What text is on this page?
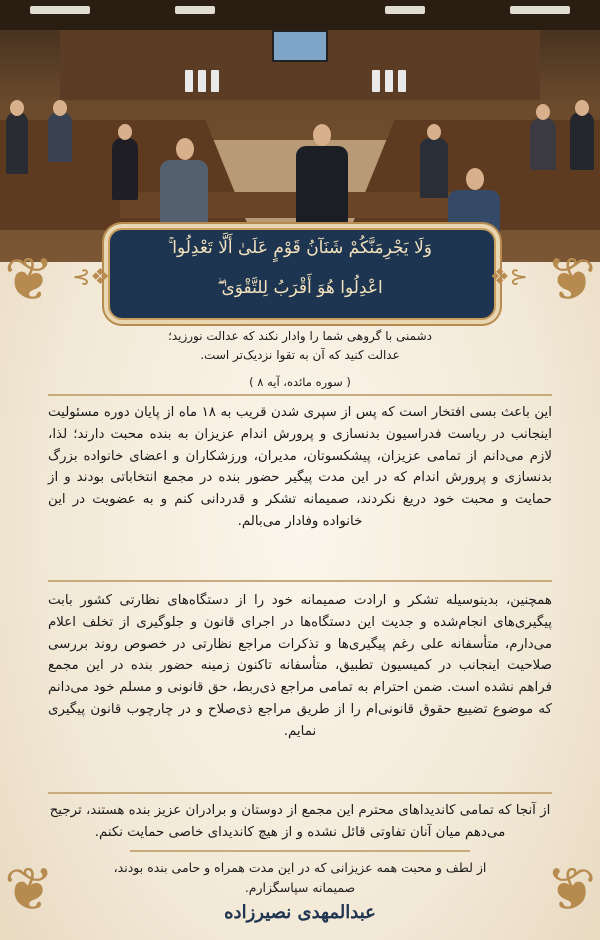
❦	❦
❦	❦
⊰❖	❖⊱
وَلَا يَجْرِمَنَّكُمْ شَنَآنُ قَوْمٍ عَلَىٰ أَلَّا تَعْدِلُوا ۚ
اعْدِلُوا هُوَ أَقْرَبُ لِلتَّقْوَىٰ ۖ
دشمنی با گروهی شما را وادار نکند که عدالت نورزید؛
عدالت کنید که آن به تقوا نزدیک‌تر است.
( سوره مائده، آیه ۸ )
این باعث بسی افتخار است که پس از سپری شدن قریب به ۱۸ ماه از پایان دوره مسئولیت اینجانب در ریاست فدراسیون بدنسازی و پرورش اندام عزیزان به بنده محبت دارند؛ لذا، لازم می‌دانم از تمامی عزیزان، پیشکسوتان، مدیران، ورزشکاران و اعضای خانواده بزرگ بدنسازی و پرورش اندام که در این مدت پیگیر حضور بنده در مجمع انتخاباتی بودند و از حمایت و محبت خود دریغ نکردند، صمیمانه تشکر و قدردانی کنم و به عضویت در این خانواده وفادار می‌بالم.
همچنین، بدینوسیله تشکر و ارادت صمیمانه خود را از دستگاه‌های نظارتی کشور بابت پیگیری‌های انجام‌شده و جدیت این دستگاه‌ها در اجرای قانون و جلوگیری از تخلف اعلام می‌دارم، متأسفانه علی رغم پیگیری‌ها و تذکرات مراجع نظارتی در خصوص روند بررسی صلاحیت اینجانب در کمیسیون تطبیق، متأسفانه تاکنون زمینه حضور بنده در این مجمع فراهم نشده است. ضمن احترام به تمامی مراجع ذی‌ربط، حق قانونی و مسلم خود می‌دانم که موضوع تضییع حقوق قانونی‌ام را از طریق مراجع ذی‌صلاح و در چارچوب قانون پیگیری نمایم.
از آنجا که تمامی کاندیداهای محترم این مجمع از دوستان و برادران عزیز بنده هستند، ترجیح می‌دهم میان آنان تفاوتی قائل نشده و از هیچ کاندیدای خاصی حمایت نکنم.
از لطف و محبت همه عزیزانی که در این مدت همراه و حامی بنده بودند،
صمیمانه سپاسگزارم.
عبدالمهدی نصیرزاده
